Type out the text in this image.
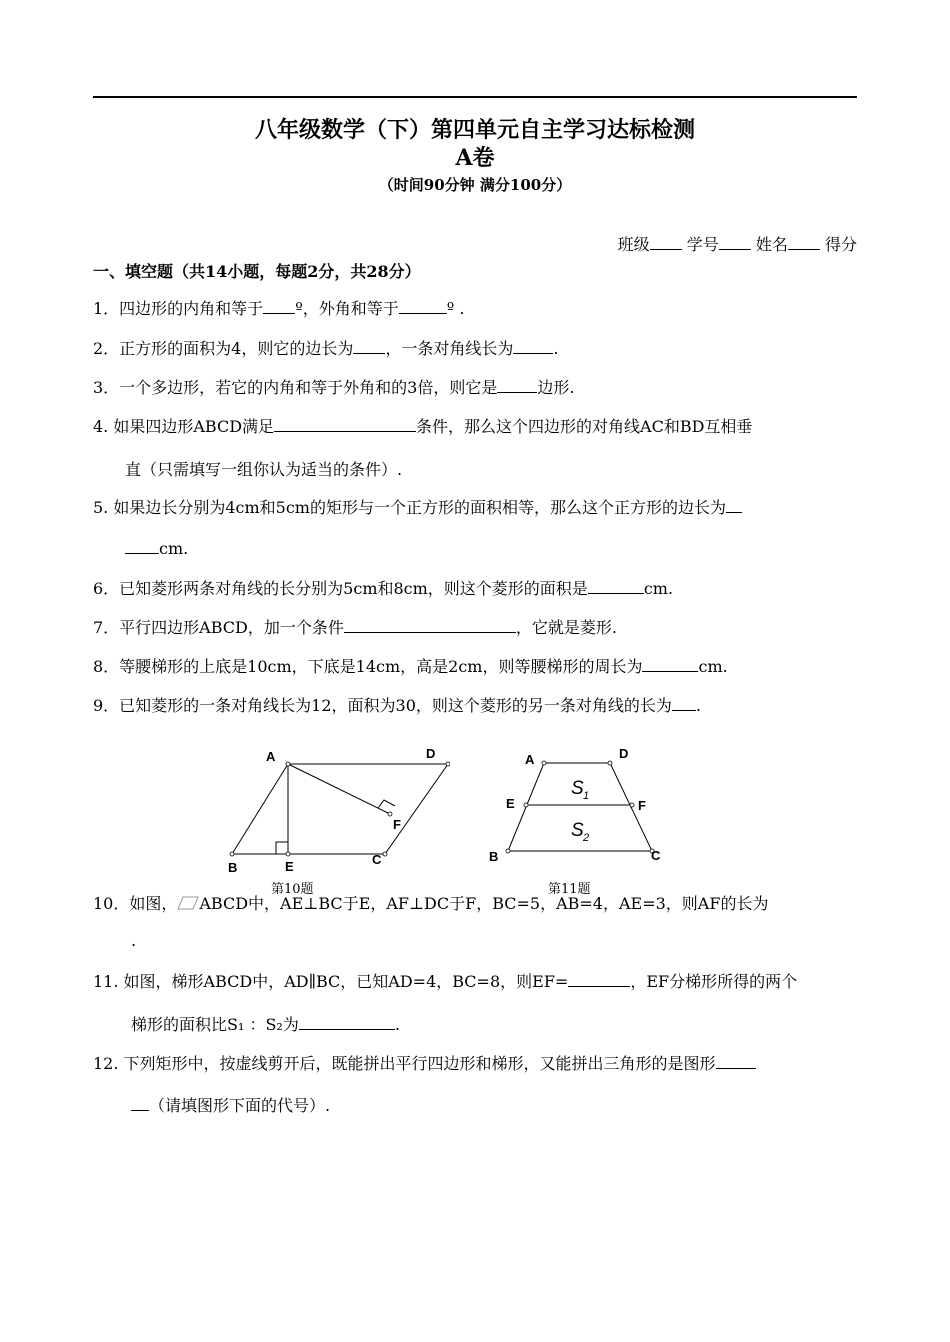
八年级数学（下）第四单元自主学习达标检测
A卷
（时间90分钟 满分100分）
班级 学号 姓名 得分
一、填空题（共14小题，每题2分，共28分）
1．四边形的内角和等于 º，外角和等于	º .
2．正方形的面积为4，则它的边长为 ，一条对角线长为	.
3．一个多边形，若它的内角和等于外角和的3倍，则它是	边形.
4. 如果四边形ABCD满足	条件，那么这个四边形的对角线AC和BD互相垂
直（只需填写一组你认为适当的条件）.
5. 如果边长分别为4cm和5cm的矩形与一个正方形的面积相等，那么这个正方形的边长为
cm.
6．已知菱形两条对角线的长分别为5cm和8cm，则这个菱形的面积是	cm.
7．平行四边形ABCD，加一个条件	，它就是菱形.
8．等腰梯形的上底是10cm，下底是14cm，高是2cm，则等腰梯形的周长为	cm.
9．已知菱形的一条对角线长为12，面积为30，则这个菱形的另一条对角线的长为 .
A	D
B
C
E
F
第10题
A	D
E	F
B	C
S 1
S 2
第11题
10．如图， ABCD中，AE⊥BC于E，AF⊥DC于F，BC=5，AB=4，AE=3，则AF的长为
.
11. 如图，梯形ABCD中，AD∥BC，已知AD=4，BC=8，则EF=	，EF分梯形所得的两个
梯形的面积比S₁ ：S₂为	.
12. 下列矩形中，按虚线剪开后，既能拼出平行四边形和梯形，又能拼出三角形的是图形
（请填图形下面的代号）.
